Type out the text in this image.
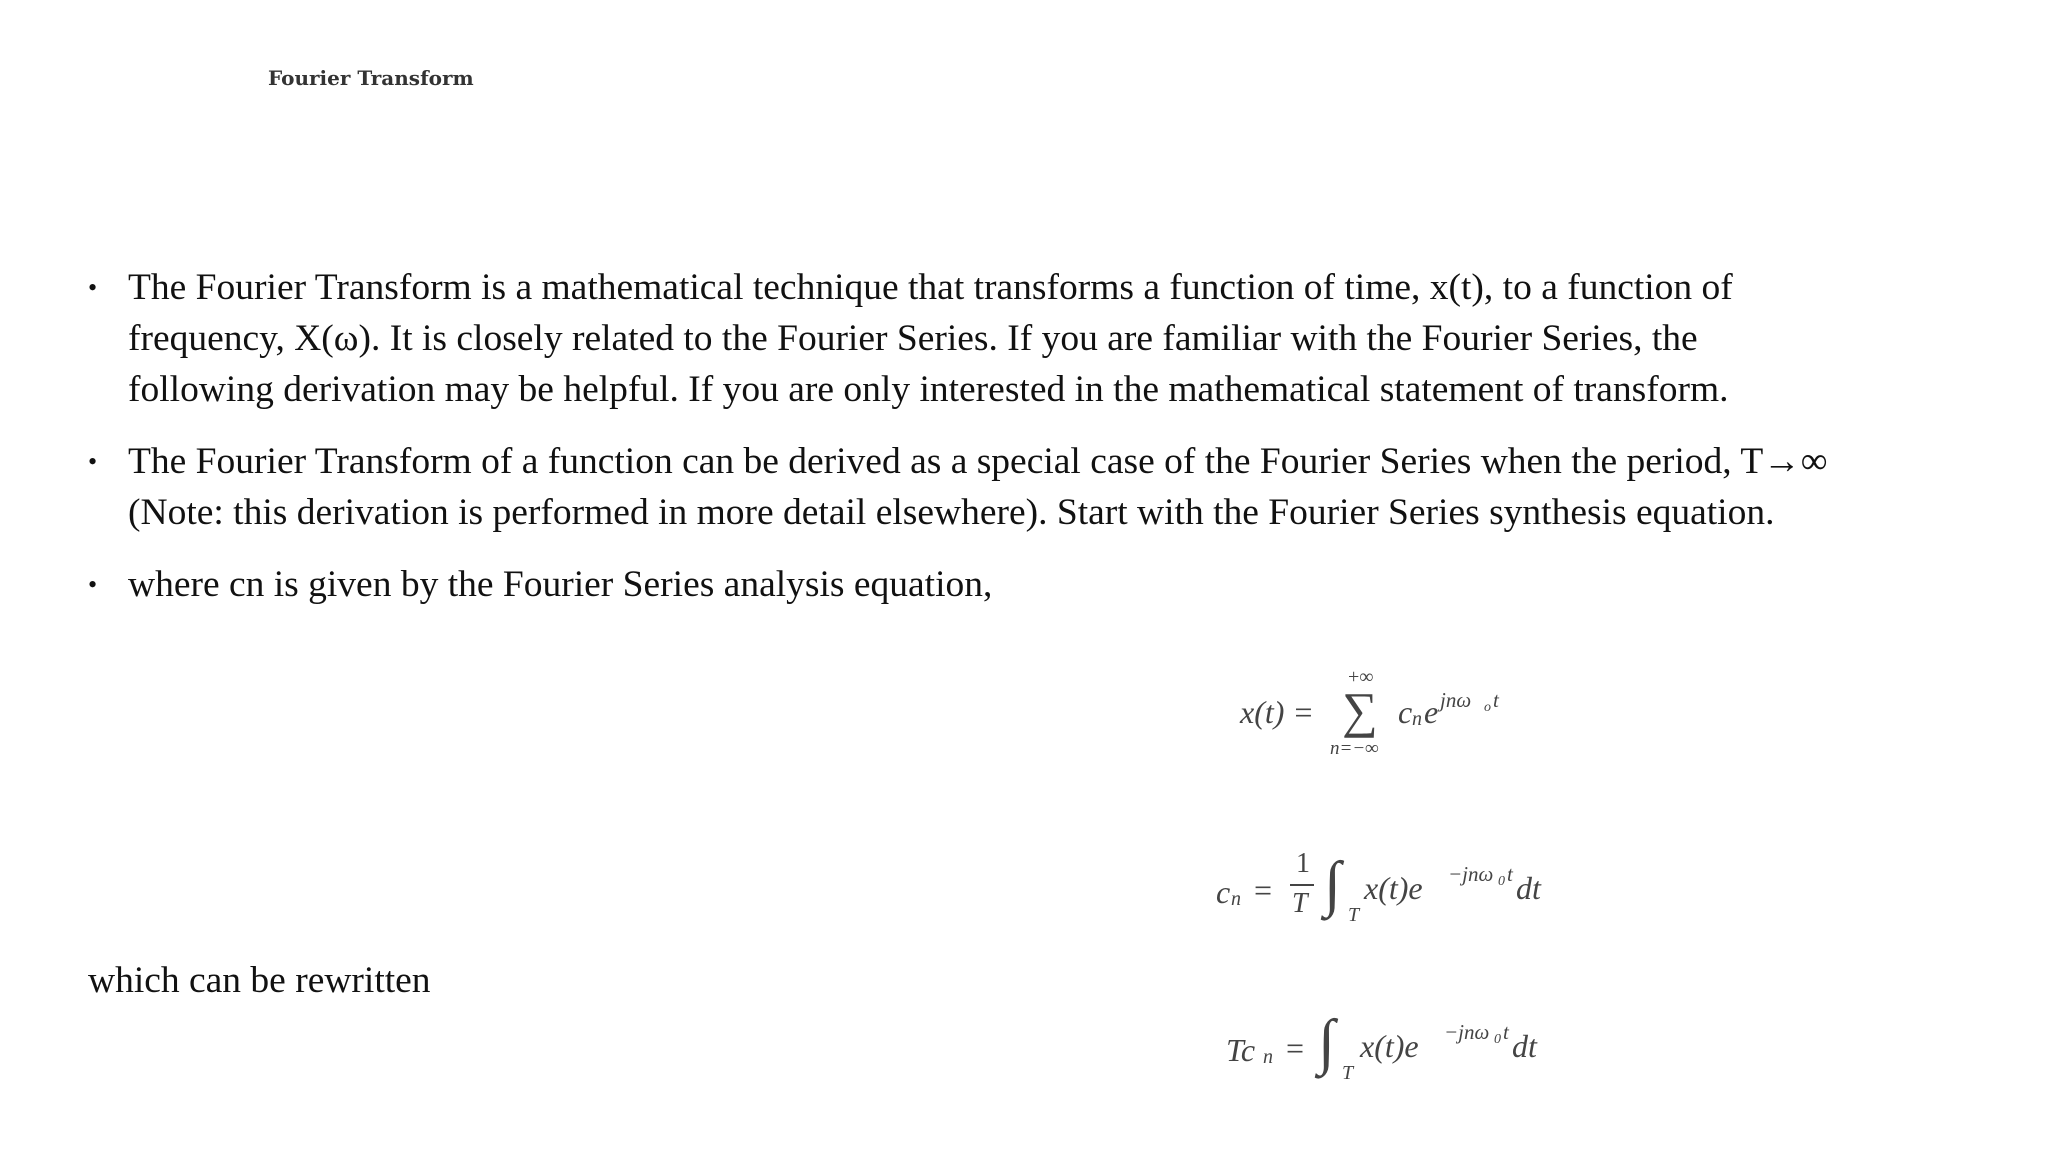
Fourier Transform
• The Fourier Transform is a mathematical technique that transforms a function of time, x(t), to a function of frequency, X(ω). It is closely related to the Fourier Series. If you are familiar with the Fourier Series, the following derivation may be helpful. If you are only interested in the mathematical statement of transform.
• The Fourier Transform of a function can be derived as a special case of the Fourier Series when the period, T→∞ (Note: this derivation is performed in more detail elsewhere). Start with the Fourier Series synthesis equation.
• where cn is given by the Fourier Series analysis equation,
x(t) =
+∞
∑
n=−∞
c n e jnω o t
c n =
1
T ∫ T
x(t)e −jnω 0 t dt

which can be rewritten

Tc n = ∫ T
x(t)e −jnω 0 t dt
